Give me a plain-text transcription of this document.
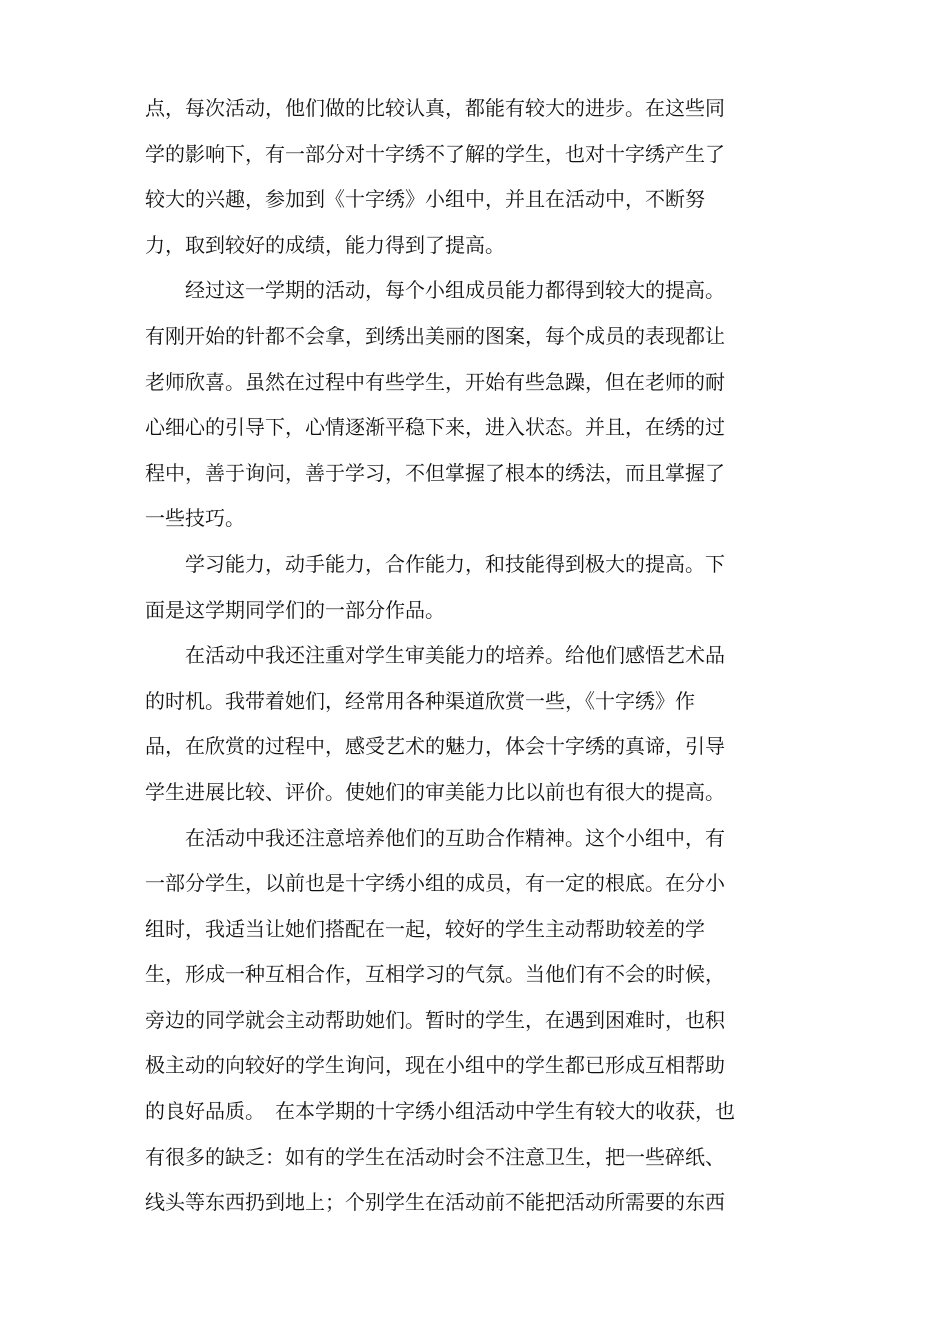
点，每次活动，他们做的比较认真，都能有较大的进步。在这些同
学的影响下，有一部分对十字绣不了解的学生，也对十字绣产生了
较大的兴趣，参加到《十字绣》小组中，并且在活动中，不断努
力，取到较好的成绩，能力得到了提高。
　　经过这一学期的活动，每个小组成员能力都得到较大的提高。
有刚开始的针都不会拿，到绣出美丽的图案，每个成员的表现都让
老师欣喜。虽然在过程中有些学生，开始有些急躁，但在老师的耐
心细心的引导下，心情逐渐平稳下来，进入状态。并且，在绣的过
程中，善于询问，善于学习，不但掌握了根本的绣法，而且掌握了
一些技巧。
　　学习能力，动手能力，合作能力，和技能得到极大的提高。下
面是这学期同学们的一部分作品。
　　在活动中我还注重对学生审美能力的培养。给他们感悟艺术品
的时机。我带着她们，经常用各种渠道欣赏一些，《十字绣》作
品，在欣赏的过程中，感受艺术的魅力，体会十字绣的真谛，引导
学生进展比较、评价。使她们的审美能力比以前也有很大的提高。
　　在活动中我还注意培养他们的互助合作精神。这个小组中，有
一部分学生，以前也是十字绣小组的成员，有一定的根底。在分小
组时，我适当让她们搭配在一起，较好的学生主动帮助较差的学
生，形成一种互相合作，互相学习的气氛。当他们有不会的时候，
旁边的同学就会主动帮助她们。暂时的学生，在遇到困难时，也积
极主动的向较好的学生询问，现在小组中的学生都已形成互相帮助
的良好品质。　在本学期的十字绣小组活动中学生有较大的收获，也
有很多的缺乏：如有的学生在活动时会不注意卫生，把一些碎纸、
线头等东西扔到地上；个别学生在活动前不能把活动所需要的东西
